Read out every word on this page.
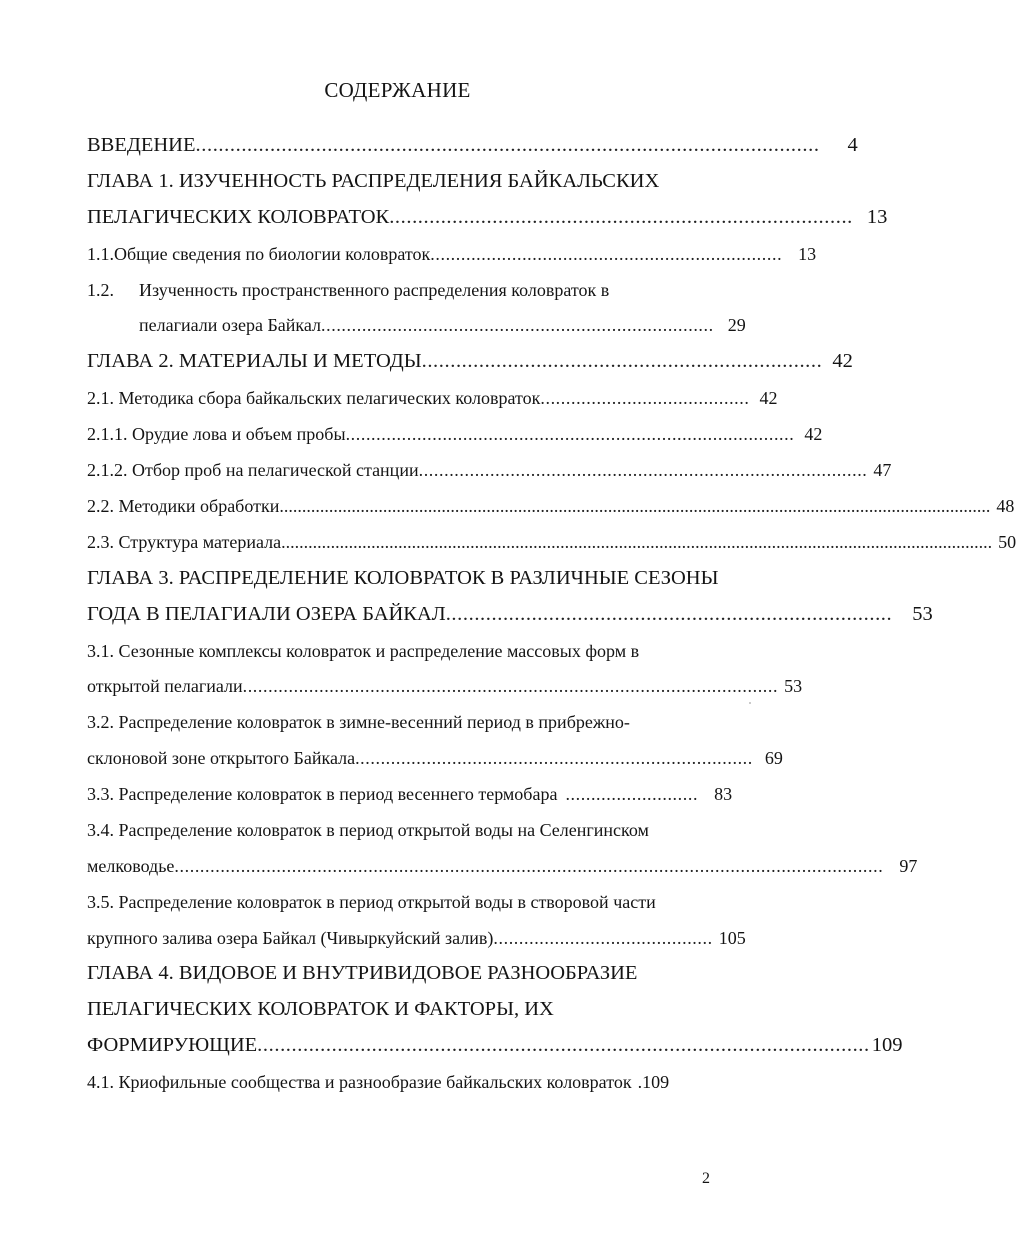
СОДЕРЖАНИЕ
ВВЕДЕНИЕ .............................................................................................................	4
ГЛАВА 1. ИЗУЧЕННОСТЬ РАСПРЕДЕЛЕНИЯ БАЙКАЛЬСКИХ
ПЕЛАГИЧЕСКИХ КОЛОВРАТОК ................................................................................. 13
1.1. Общие сведения по биологии коловраток ..................................................................... 13
1.2.	Изученность пространственного распределения коловраток в
пелагиали озера Байкал ............................................................................. 29
ГЛАВА 2. МАТЕРИАЛЫ И МЕТОДЫ ...................................................................... 42
2.1. Методика сбора байкальских пелагических коловраток ......................................... 42
2.1.1. Орудие лова и объем пробы ........................................................................................ 42
2.1.2. Отбор проб на пелагической станции ........................................................................................ 47
2.2. Методики обработки .............................................................................................................................................................. 48
2.3. Структура материала .............................................................................................................................................................. 50
ГЛАВА 3. РАСПРЕДЕЛЕНИЕ КОЛОВРАТОК В РАЗЛИЧНЫЕ СЕЗОНЫ
ГОДА В ПЕЛАГИАЛИ ОЗЕРА БАЙКАЛ .............................................................................. 53
3.1. Сезонные комплексы коловраток и распределение массовых форм в
открытой пелагиали ......................................................................................................... 53
3.2. Распределение коловраток в зимне-весенний период в прибрежно-
склоновой зоне открытого Байкала .............................................................................. 69
3.3. Распределение коловраток в период весеннего термобара .......................... 83
3.4. Распределение коловраток в период открытой воды на Селенгинском
мелководье ........................................................................................................................................... 97
3.5. Распределение коловраток в период открытой воды в створовой части
крупного залива озера Байкал (Чивыркуйский залив) ........................................... 105
ГЛАВА 4. ВИДОВОЕ И ВНУТРИВИДОВОЕ РАЗНООБРАЗИЕ
ПЕЛАГИЧЕСКИХ КОЛОВРАТОК И ФАКТОРЫ, ИХ
ФОРМИРУЮЩИЕ ........................................................................................................... 109
4.1. Криофильные сообщества и разнообразие байкальских коловраток .109
2
